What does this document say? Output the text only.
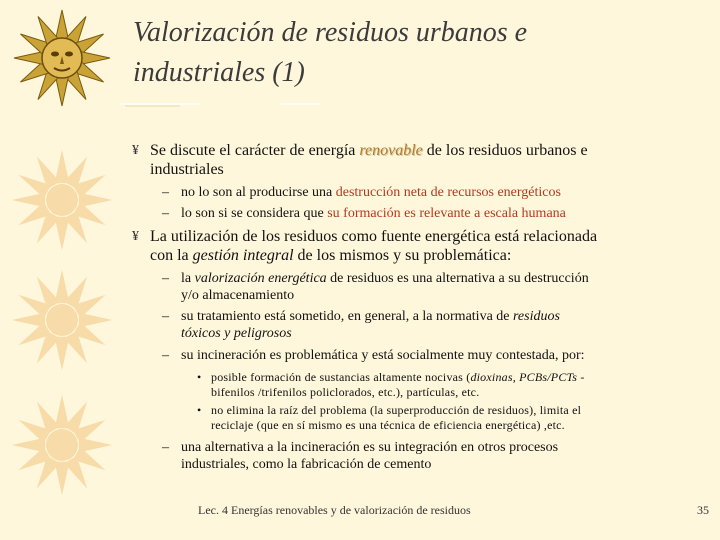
Valorización de residuos urbanos e
industriales (1)
¥ Se discute el carácter de energía renovable de los residuos urbanos e

industriales

– no lo son al producirse una destrucción neta de recursos energéticos

– lo son si se considera que su formación es relevante a escala humana

¥ La utilización de los residuos como fuente energética está relacionada

con la gestión integral de los mismos y su problemática:

– la valorización energética de residuos es una alternativa a su destrucción

y/o almacenamiento

– su tratamiento está sometido, en general, a la normativa de residuos

tóxicos y peligrosos

– su incineración es problemática y está socialmente muy contestada, por:

• posible formación de sustancias altamente nocivas (dioxinas, PCBs/PCTs -

bifenilos /trifenilos policlorados, etc.), partículas, etc.

• no elimina la raíz del problema (la superproducción de residuos), limita el

reciclaje (que en sí mismo es una técnica de eficiencia energética) ,etc.

– una alternativa a la incineración es su integración en otros procesos

industriales, como la fabricación de cemento

Lec. 4 Energías renovables y de valorización de residuos	35
